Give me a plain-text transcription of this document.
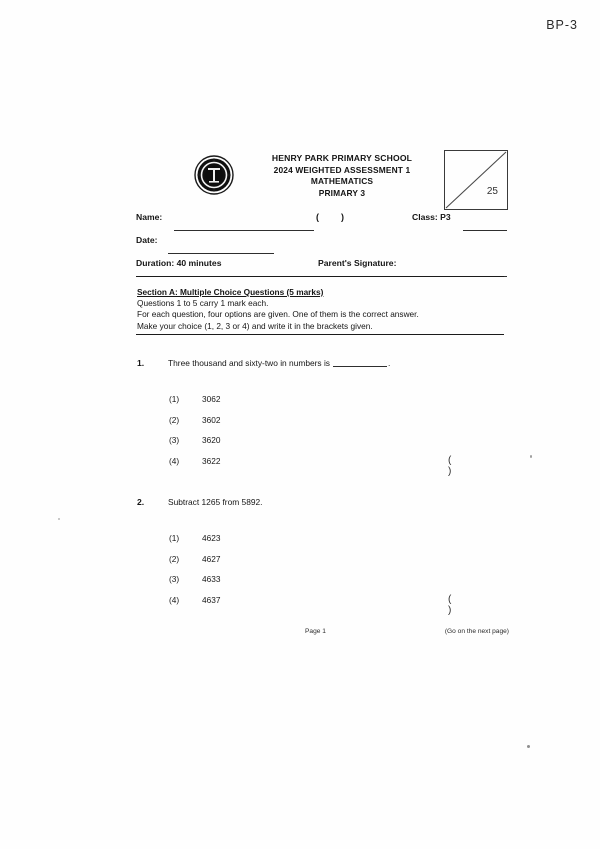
BP-3
HENRY PARK PRIMARY SCHOOL
2024 WEIGHTED ASSESSMENT 1
MATHEMATICS
PRIMARY 3	25
Name:	( )	Class: P3
Date:
Duration: 40 minutes	Parent's Signature:
Section A: Multiple Choice Questions (5 marks)
Questions 1 to 5 carry 1 mark each.
For each question, four options are given. One of them is the correct answer.
Make your choice (1, 2, 3 or 4) and write it in the brackets given.
1.	Three thousand and sixty-two in numbers is	.
(1)	3062
(2)	3602
(3)	3620
(4)	3622	( )
2.	Subtract 1265 from 5892.
(1)	4623
(2)	4627
(3)	4633
(4)	4637	( )
Page 1	(Go on the next page)
